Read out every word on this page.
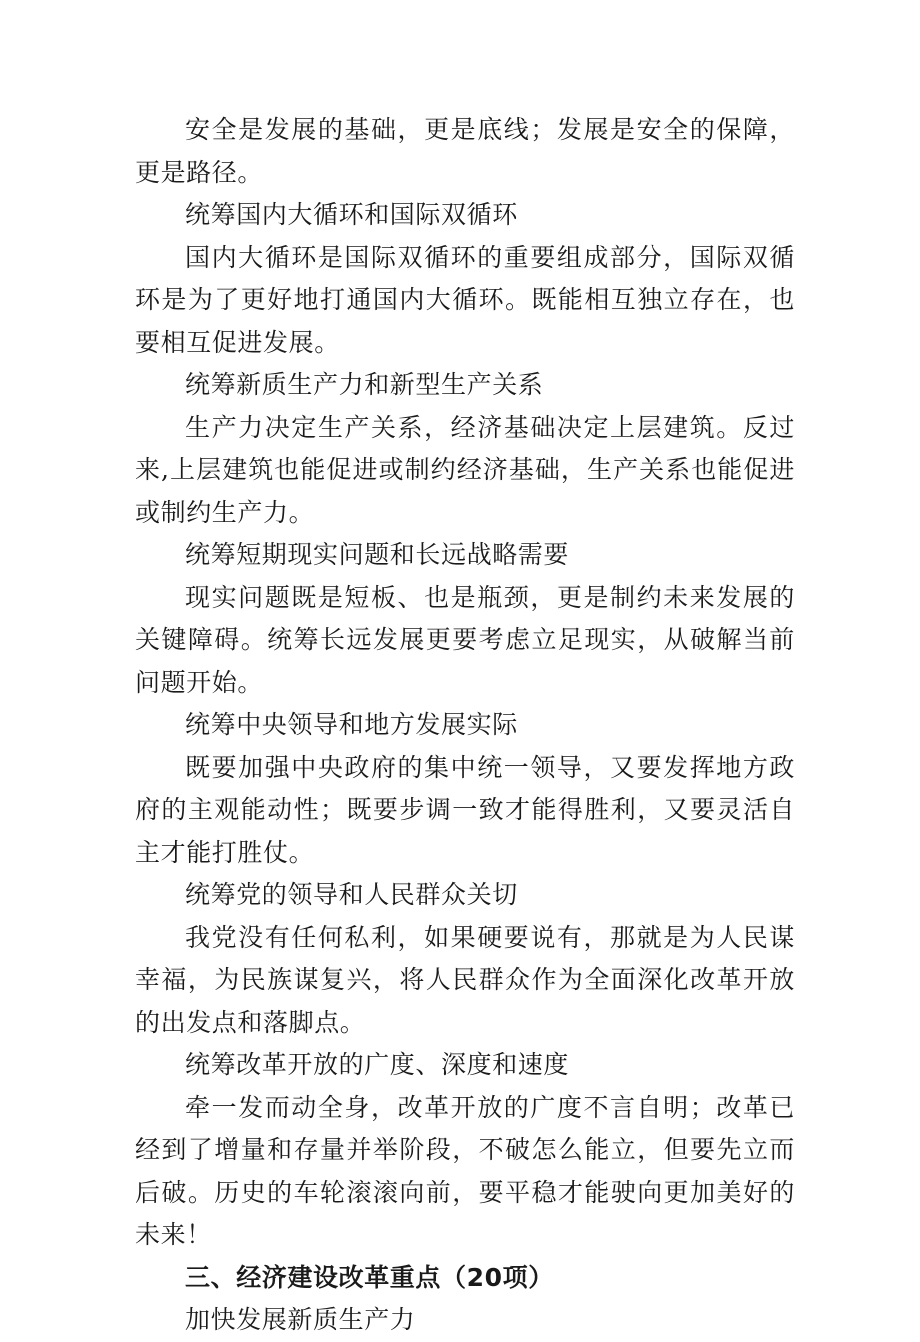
安全是发展的基础，更是底线；发展是安全的保障，更是路径。

统筹国内大循环和国际双循环

国内大循环是国际双循环的重要组成部分，国际双循环是为了更好地打通国内大循环。既能相互独立存在，也要相互促进发展。

统筹新质生产力和新型生产关系

生产力决定生产关系，经济基础决定上层建筑。反过来,上层建筑也能促进或制约经济基础，生产关系也能促进或制约生产力。

统筹短期现实问题和长远战略需要

现实问题既是短板、也是瓶颈，更是制约未来发展的关键障碍。统筹长远发展更要考虑立足现实，从破解当前问题开始。

统筹中央领导和地方发展实际

既要加强中央政府的集中统一领导，又要发挥地方政府的主观能动性；既要步调一致才能得胜利，又要灵活自主才能打胜仗。

统筹党的领导和人民群众关切

我党没有任何私利，如果硬要说有，那就是为人民谋幸福，为民族谋复兴，将人民群众作为全面深化改革开放的出发点和落脚点。

统筹改革开放的广度、深度和速度

牵一发而动全身，改革开放的广度不言自明；改革已经到了增量和存量并举阶段，不破怎么能立，但要先立而后破。历史的车轮滚滚向前，要平稳才能驶向更加美好的未来！

三、经济建设改革重点（20项）

加快发展新质生产力
